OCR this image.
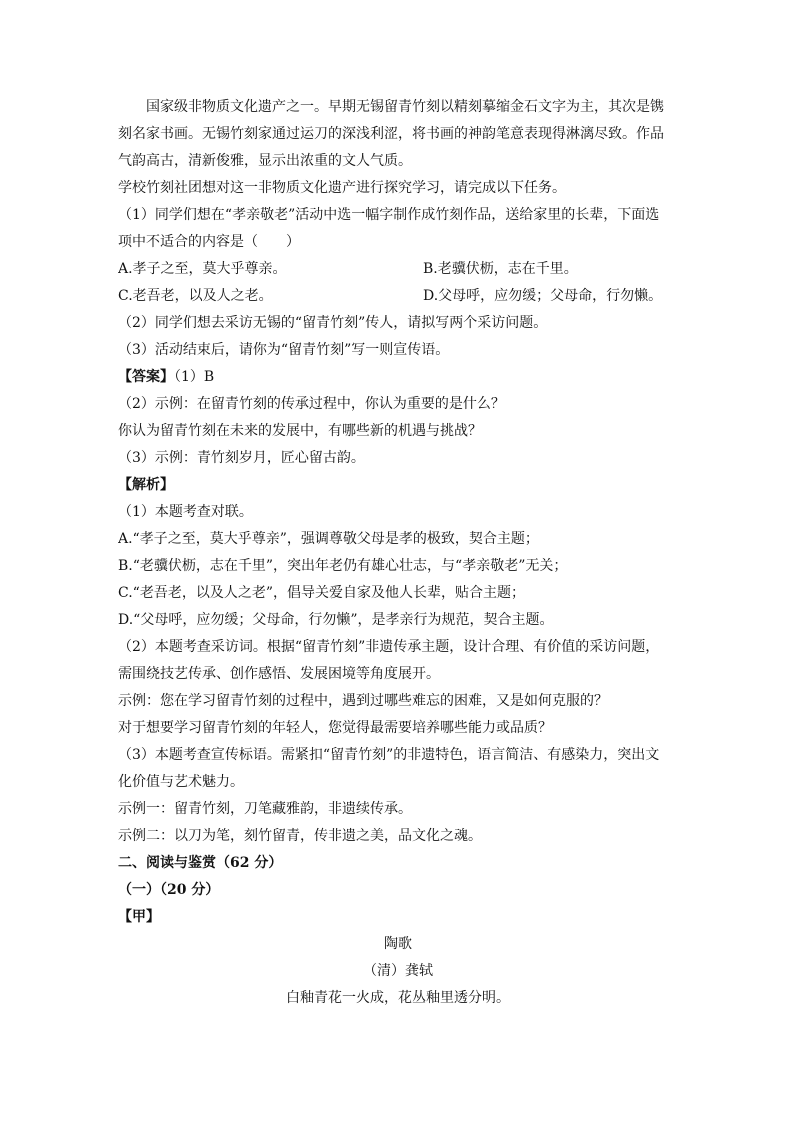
国家级非物质文化遗产之一。早期无锡留青竹刻以精刻摹缩金石文字为主，其次是镌
刻名家书画。无锡竹刻家通过运刀的深浅利涩，将书画的神韵笔意表现得淋漓尽致。作品
气韵高古，清新俊雅，显示出浓重的文人气质。
学校竹刻社团想对这一非物质文化遗产进行探究学习，请完成以下任务。
（1）同学们想在“孝亲敬老”活动中选一幅字制作成竹刻作品，送给家里的长辈，下面选
项中不适合的内容是（　　）
A.孝子之至，莫大乎尊亲。	B.老骥伏枥，志在千里。
C.老吾老，以及人之老。	D.父母呼，应勿缓；父母命，行勿懒。
（2）同学们想去采访无锡的“留青竹刻”传人，请拟写两个采访问题。
（3）活动结束后，请你为“留青竹刻”写一则宣传语。
【答案】（1）B
（2）示例：在留青竹刻的传承过程中，你认为重要的是什么？
你认为留青竹刻在未来的发展中，有哪些新的机遇与挑战？
（3）示例：青竹刻岁月，匠心留古韵。
【解析】
（1）本题考查对联。
A.“孝子之至，莫大乎尊亲”，强调尊敬父母是孝的极致，契合主题；
B.“老骥伏枥，志在千里”，突出年老仍有雄心壮志，与“孝亲敬老”无关；
C.“老吾老，以及人之老”，倡导关爱自家及他人长辈，贴合主题；
D.“父母呼，应勿缓；父母命，行勿懒”，是孝亲行为规范，契合主题。
（2）本题考查采访词。根据“留青竹刻”非遗传承主题，设计合理、有价值的采访问题，
需围绕技艺传承、创作感悟、发展困境等角度展开。
示例：您在学习留青竹刻的过程中，遇到过哪些难忘的困难，又是如何克服的？
对于想要学习留青竹刻的年轻人，您觉得最需要培养哪些能力或品质？
（3）本题考查宣传标语。需紧扣“留青竹刻”的非遗特色，语言简洁、有感染力，突出文
化价值与艺术魅力。
示例一：留青竹刻，刀笔藏雅韵，非遗续传承。
示例二：以刀为笔，刻竹留青，传非遗之美，品文化之魂。
二、阅读与鉴赏（62 分）
（一）（20 分）
【甲】
陶歌
（清）龚轼
白釉青花一火成，花丛釉里透分明。
